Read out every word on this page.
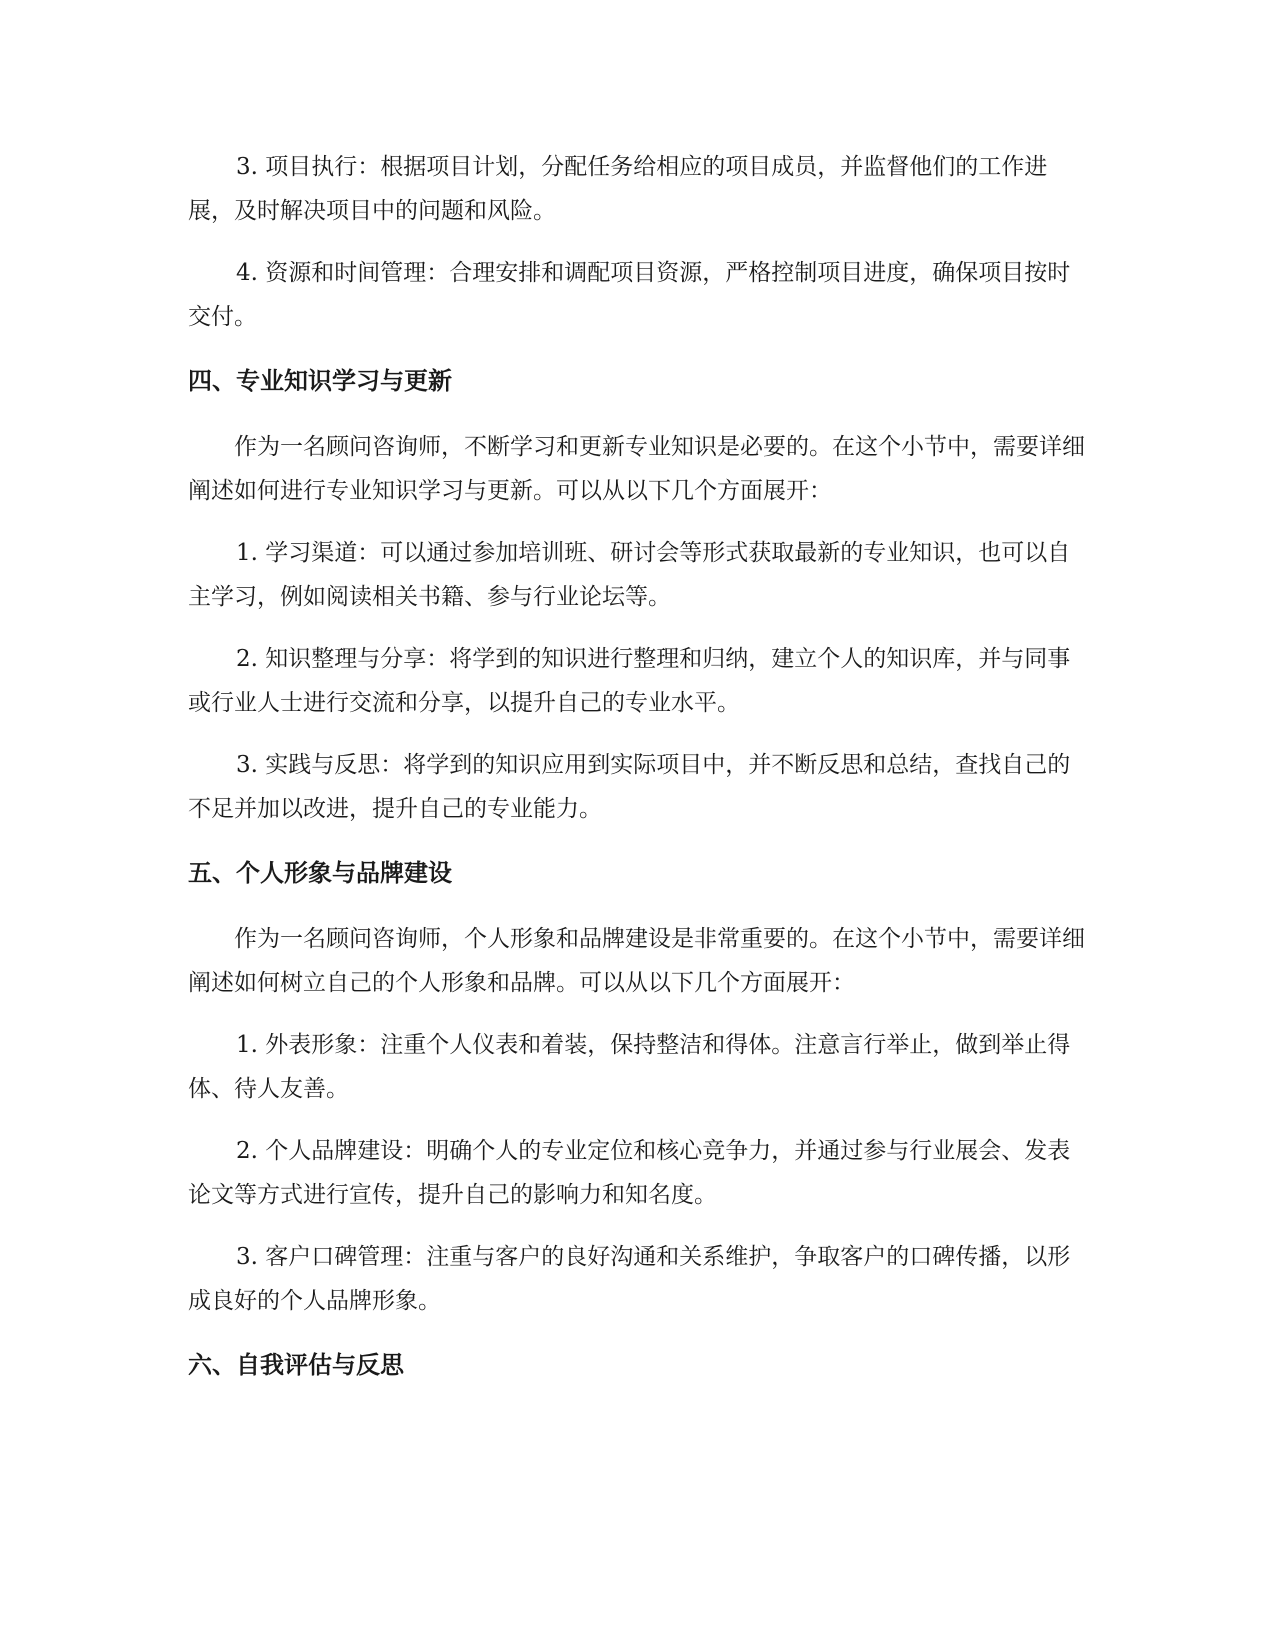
3. 项目执行：根据项目计划，分配任务给相应的项目成员，并监督他们的工作进展，及时解决项目中的问题和风险。

4. 资源和时间管理：合理安排和调配项目资源，严格控制项目进度，确保项目按时交付。

四、专业知识学习与更新

作为一名顾问咨询师，不断学习和更新专业知识是必要的。在这个小节中，需要详细阐述如何进行专业知识学习与更新。可以从以下几个方面展开：

1. 学习渠道：可以通过参加培训班、研讨会等形式获取最新的专业知识，也可以自主学习，例如阅读相关书籍、参与行业论坛等。

2. 知识整理与分享：将学到的知识进行整理和归纳，建立个人的知识库，并与同事或行业人士进行交流和分享，以提升自己的专业水平。

3. 实践与反思：将学到的知识应用到实际项目中，并不断反思和总结，查找自己的不足并加以改进，提升自己的专业能力。

五、个人形象与品牌建设

作为一名顾问咨询师，个人形象和品牌建设是非常重要的。在这个小节中，需要详细阐述如何树立自己的个人形象和品牌。可以从以下几个方面展开：

1. 外表形象：注重个人仪表和着装，保持整洁和得体。注意言行举止，做到举止得体、待人友善。

2. 个人品牌建设：明确个人的专业定位和核心竞争力，并通过参与行业展会、发表论文等方式进行宣传，提升自己的影响力和知名度。

3. 客户口碑管理：注重与客户的良好沟通和关系维护，争取客户的口碑传播，以形成良好的个人品牌形象。

六、自我评估与反思
